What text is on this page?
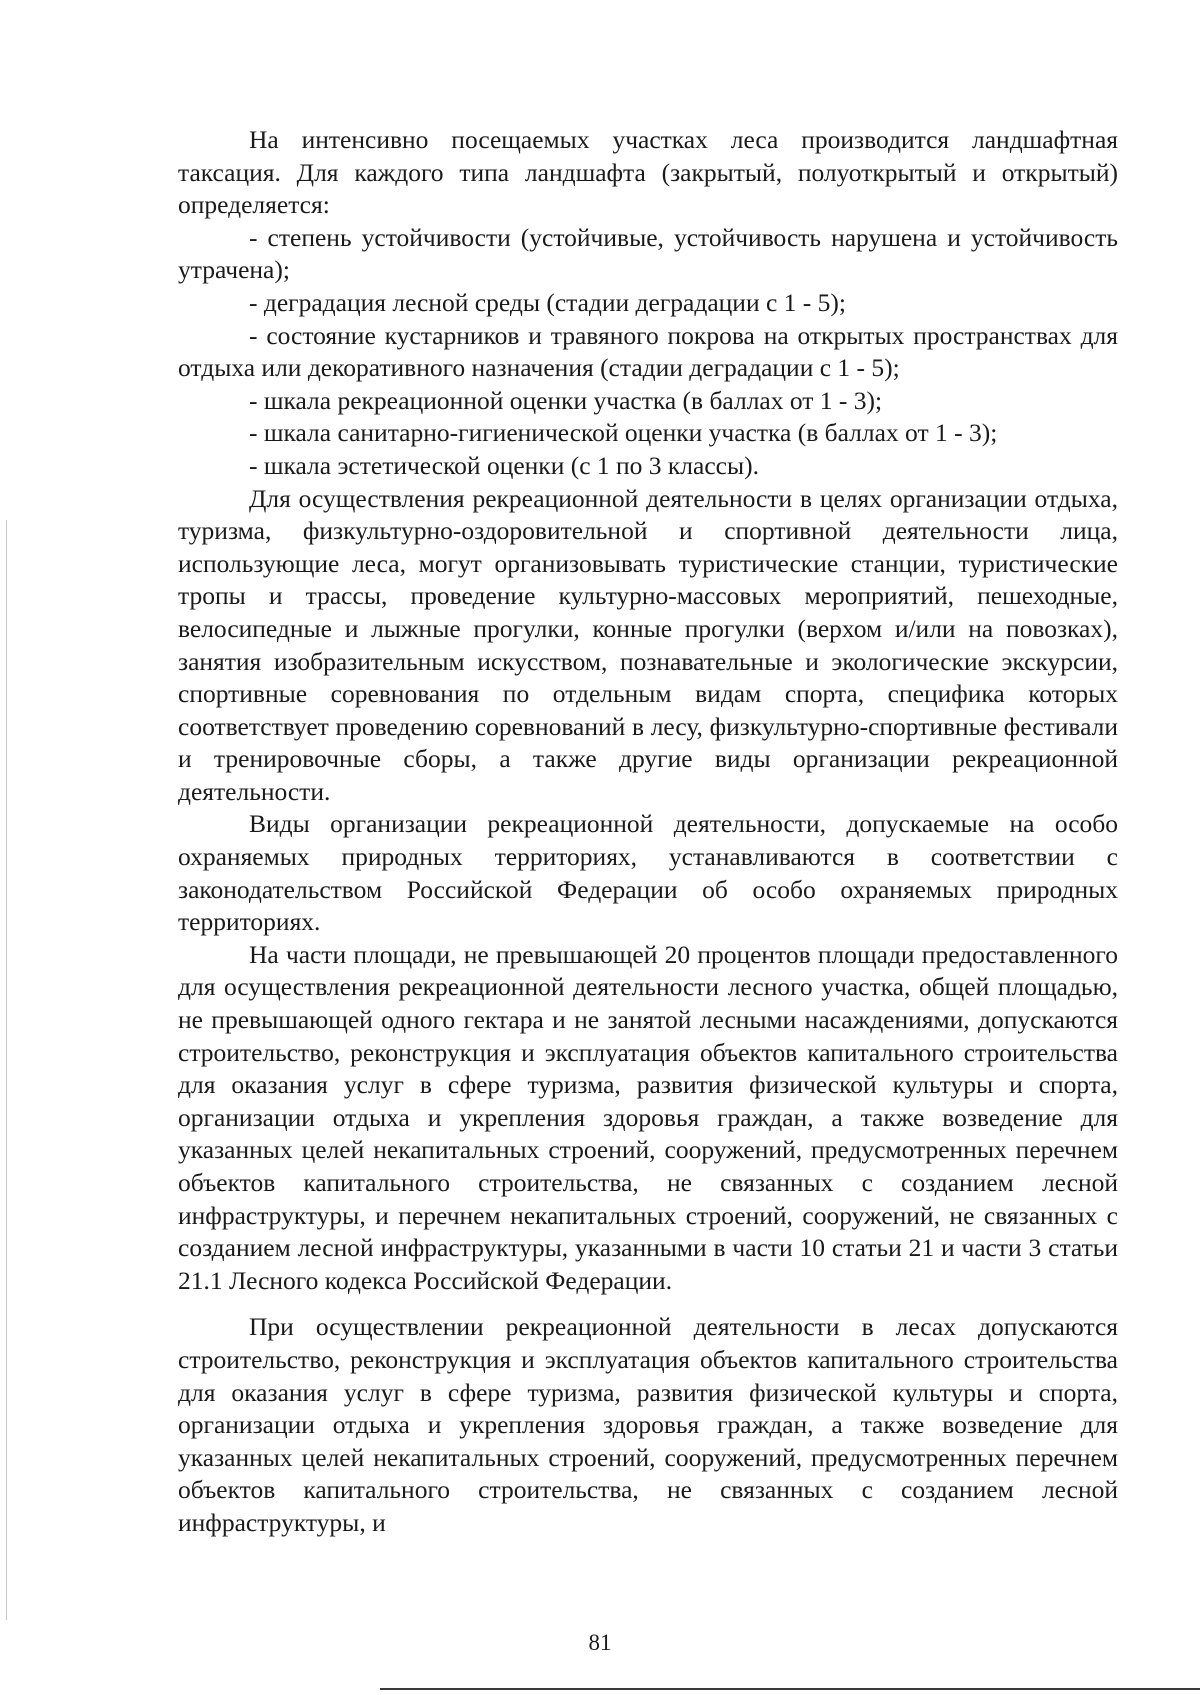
На интенсивно посещаемых участках леса производится ландшафтная таксация. Для каждого типа ландшафта (закрытый, полуоткрытый и открытый) определяется:

- степень устойчивости (устойчивые, устойчивость нарушена и устойчивость утрачена);

- деградация лесной среды (стадии деградации с 1 - 5);

- состояние кустарников и травяного покрова на открытых пространствах для отдыха или декоративного назначения (стадии деградации с 1 - 5);

- шкала рекреационной оценки участка (в баллах от 1 - 3);

- шкала санитарно-гигиенической оценки участка (в баллах от 1 - 3);

- шкала эстетической оценки (с 1 по 3 классы).

Для осуществления рекреационной деятельности в целях организации отдыха, туризма, физкультурно-оздоровительной и спортивной деятельности лица, использующие леса, могут организовывать туристические станции, туристические тропы и трассы, проведение культурно-массовых мероприятий, пешеходные, велосипедные и лыжные прогулки, конные прогулки (верхом и/или на повозках), занятия изобразительным искусством, познавательные и экологические экскурсии, спортивные соревнования по отдельным видам спорта, специфика которых соответствует проведению соревнований в лесу, физкультурно-спортивные фестивали и тренировочные сборы, а также другие виды организации рекреационной деятельности.

Виды организации рекреационной деятельности, допускаемые на особо охраняемых природных территориях, устанавливаются в соответствии с законодательством Российской Федерации об особо охраняемых природных территориях.

На части площади, не превышающей 20 процентов площади предоставленного для осуществления рекреационной деятельности лесного участка, общей площадью, не превышающей одного гектара и не занятой лесными насаждениями, допускаются строительство, реконструкция и эксплуатация объектов капитального строительства для оказания услуг в сфере туризма, развития физической культуры и спорта, организации отдыха и укрепления здоровья граждан, а также возведение для указанных целей некапитальных строений, сооружений, предусмотренных перечнем объектов капитального строительства, не связанных с созданием лесной инфраструктуры, и перечнем некапитальных строений, сооружений, не связанных с созданием лесной инфраструктуры, указанными в части 10 статьи 21 и части 3 статьи 21.1 Лесного кодекса Российской Федерации.

При осуществлении рекреационной деятельности в лесах допускаются строительство, реконструкция и эксплуатация объектов капитального строительства для оказания услуг в сфере туризма, развития физической культуры и спорта, организации отдыха и укрепления здоровья граждан, а также возведение для указанных целей некапитальных строений, сооружений, предусмотренных перечнем объектов капитального строительства, не связанных с созданием лесной инфраструктуры, и

81
